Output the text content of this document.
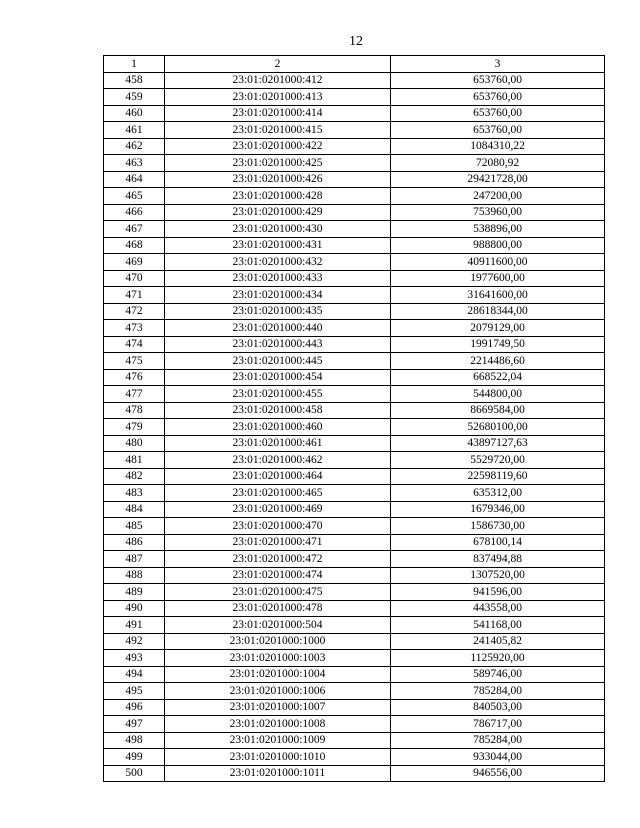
12
1	2	3
458	23:01:0201000:412	653760,00
459	23:01:0201000:413	653760,00
460	23:01:0201000:414	653760,00
461	23:01:0201000:415	653760,00
462	23:01:0201000:422	1084310,22
463	23:01:0201000:425	72080,92
464	23:01:0201000:426	29421728,00
465	23:01:0201000:428	247200,00
466	23:01:0201000:429	753960,00
467	23:01:0201000:430	538896,00
468	23:01:0201000:431	988800,00
469	23:01:0201000:432	40911600,00
470	23:01:0201000:433	1977600,00
471	23:01:0201000:434	31641600,00
472	23:01:0201000:435	28618344,00
473	23:01:0201000:440	2079129,00
474	23:01:0201000:443	1991749,50
475	23:01:0201000:445	2214486,60
476	23:01:0201000:454	668522,04
477	23:01:0201000:455	544800,00
478	23:01:0201000:458	8669584,00
479	23:01:0201000:460	52680100,00
480	23:01:0201000:461	43897127,63
481	23:01:0201000:462	5529720,00
482	23:01:0201000:464	22598119,60
483	23:01:0201000:465	635312,00
484	23:01:0201000:469	1679346,00
485	23:01:0201000:470	1586730,00
486	23:01:0201000:471	678100,14
487	23:01:0201000:472	837494,88
488	23:01:0201000:474	1307520,00
489	23:01:0201000:475	941596,00
490	23:01:0201000:478	443558,00
491	23:01:0201000:504	541168,00
492	23:01:0201000:1000	241405,82
493	23:01:0201000:1003	1125920,00
494	23:01:0201000:1004	589746,00
495	23:01:0201000:1006	785284,00
496	23:01:0201000:1007	840503,00
497	23:01:0201000:1008	786717,00
498	23:01:0201000:1009	785284,00
499	23:01:0201000:1010	933044,00
500	23:01:0201000:1011	946556,00
